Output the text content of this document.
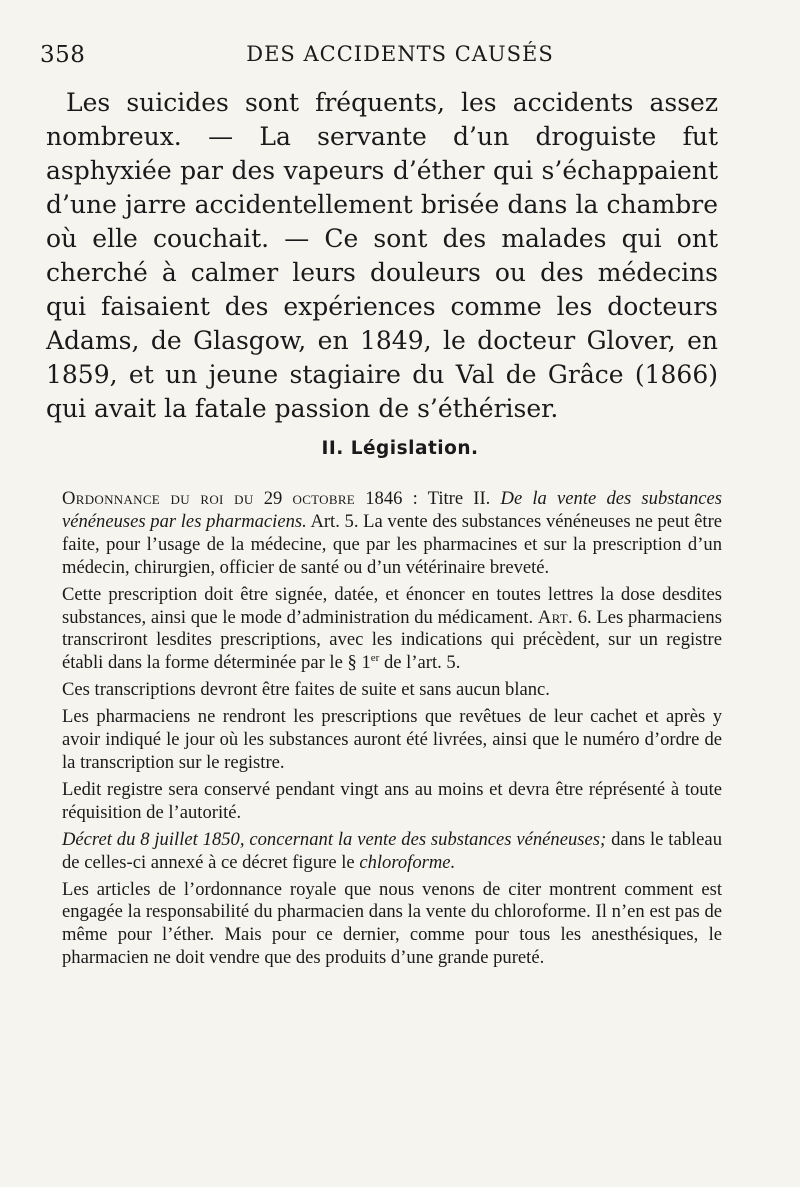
358	DES ACCIDENTS CAUSÉS

Les suicides sont fréquents, les accidents assez nombreux. — La servante d’un droguiste fut asphyxiée par des vapeurs d’éther qui s’échappaient d’une jarre accidentellement brisée dans la chambre où elle couchait. — Ce sont des malades qui ont cherché à calmer leurs douleurs ou des médecins qui faisaient des expériences comme les docteurs Adams, de Glasgow, en 1849, le docteur Glover, en 1859, et un jeune stagiaire du Val de Grâce (1866) qui avait la fatale passion de s’éthériser.

II. Législation.

Ordonnance du roi du 29 octobre 1846 : Titre II. De la vente des substances vénéneuses par les pharmaciens. Art. 5. La vente des substances vénéneuses ne peut être faite, pour l’usage de la médecine, que par les pharmacines et sur la prescription d’un médecin, chirurgien, officier de santé ou d’un vétérinaire breveté.

Cette prescription doit être signée, datée, et énoncer en toutes lettres la dose desdites substances, ainsi que le mode d’administration du médicament. Art. 6. Les pharmaciens transcriront lesdites prescriptions, avec les indications qui précèdent, sur un registre établi dans la forme déterminée par le § 1er de l’art. 5.

Ces transcriptions devront être faites de suite et sans aucun blanc.

Les pharmaciens ne rendront les prescriptions que revêtues de leur cachet et après y avoir indiqué le jour où les substances auront été livrées, ainsi que le numéro d’ordre de la transcription sur le registre.

Ledit registre sera conservé pendant vingt ans au moins et devra être réprésenté à toute réquisition de l’autorité.

Décret du 8 juillet 1850, concernant la vente des substances vénéneuses; dans le tableau de celles-ci annexé à ce décret figure le chloroforme.

Les articles de l’ordonnance royale que nous venons de citer montrent comment est engagée la responsabilité du pharmacien dans la vente du chloroforme. Il n’en est pas de même pour l’éther. Mais pour ce dernier, comme pour tous les anesthésiques, le pharmacien ne doit vendre que des produits d’une grande pureté.
